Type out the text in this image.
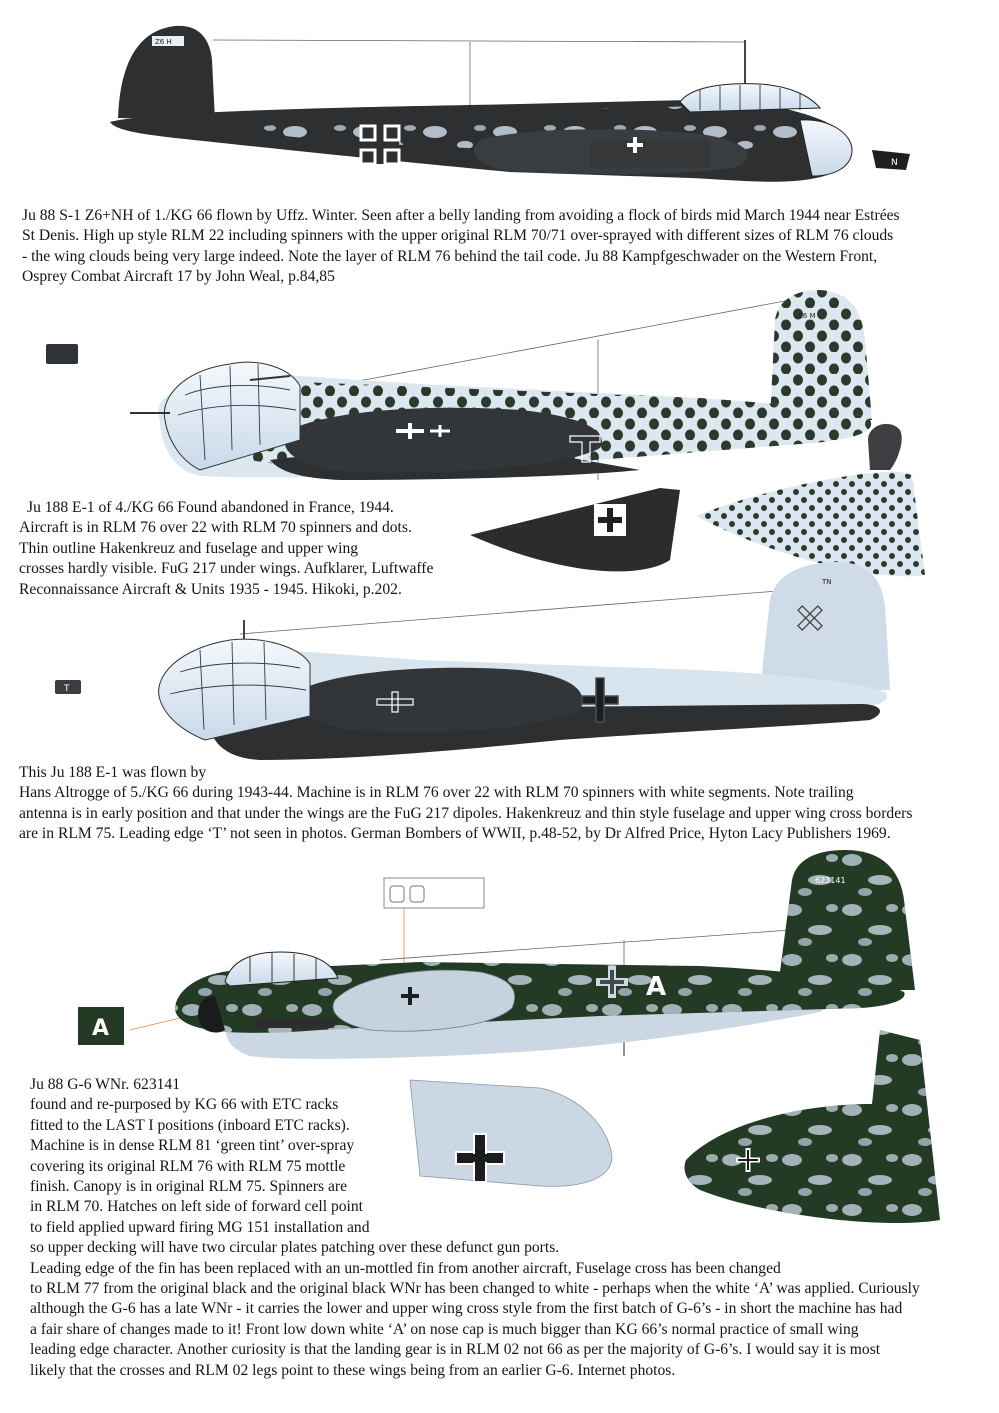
Z6 H
N
Z6 M
TN
T
623141
A
A
Ju 88 S-1 Z6+NH of 1./KG 66 flown by Uffz. Winter. Seen after a belly landing from avoiding a flock of birds mid March 1944 near Estrées
St Denis. High up style RLM 22 including spinners with the upper original RLM 70/71 over-sprayed with different sizes of RLM 76 clouds
- the wing clouds being very large indeed. Note the layer of RLM 76 behind the tail code. Ju 88 Kampfgeschwader on the Western Front,
Osprey Combat Aircraft 17 by John Weal, p.84,85
Ju 188 E-1 of 4./KG 66 Found abandoned in France, 1944.
Aircraft is in RLM 76 over 22 with RLM 70 spinners and dots.
Thin outline Hakenkreuz and fuselage and upper wing
crosses hardly visible. FuG 217 under wings. Aufklarer, Luftwaffe
Reconnaissance Aircraft & Units 1935 - 1945. Hikoki, p.202.
This Ju 188 E-1 was flown by
Hans Altrogge of 5./KG 66 during 1943-44. Machine is in RLM 76 over 22 with RLM 70 spinners with white segments. Note trailing
antenna is in early position and that under the wings are the FuG 217 dipoles. Hakenkreuz and thin style fuselage and upper wing cross borders
are in RLM 75. Leading edge ‘T’ not seen in photos. German Bombers of WWII, p.48-52, by Dr Alfred Price, Hyton Lacy Publishers 1969.
Ju 88 G-6 WNr. 623141
found and re-purposed by KG 66 with ETC racks
fitted to the LAST I positions (inboard ETC racks).
Machine is in dense RLM 81 ‘green tint’ over-spray
covering its original RLM 76 with RLM 75 mottle
finish. Canopy is in original RLM 75. Spinners are
in RLM 70. Hatches on left side of forward cell point
to field applied upward firing MG 151 installation and
so upper decking will have two circular plates patching over these defunct gun ports.
Leading edge of the fin has been replaced with an un-mottled fin from another aircraft, Fuselage cross has been changed
to RLM 77 from the original black and the original black WNr has been changed to white - perhaps when the white ‘A’ was applied. Curiously
although the G-6 has a late WNr - it carries the lower and upper wing cross style from the first batch of G-6’s - in short the machine has had
a fair share of changes made to it! Front low down white ‘A’ on nose cap is much bigger than KG 66’s normal practice of small wing
leading edge character. Another curiosity is that the landing gear is in RLM 02 not 66 as per the majority of G-6’s. I would say it is most
likely that the crosses and RLM 02 legs point to these wings being from an earlier G-6. Internet photos.
